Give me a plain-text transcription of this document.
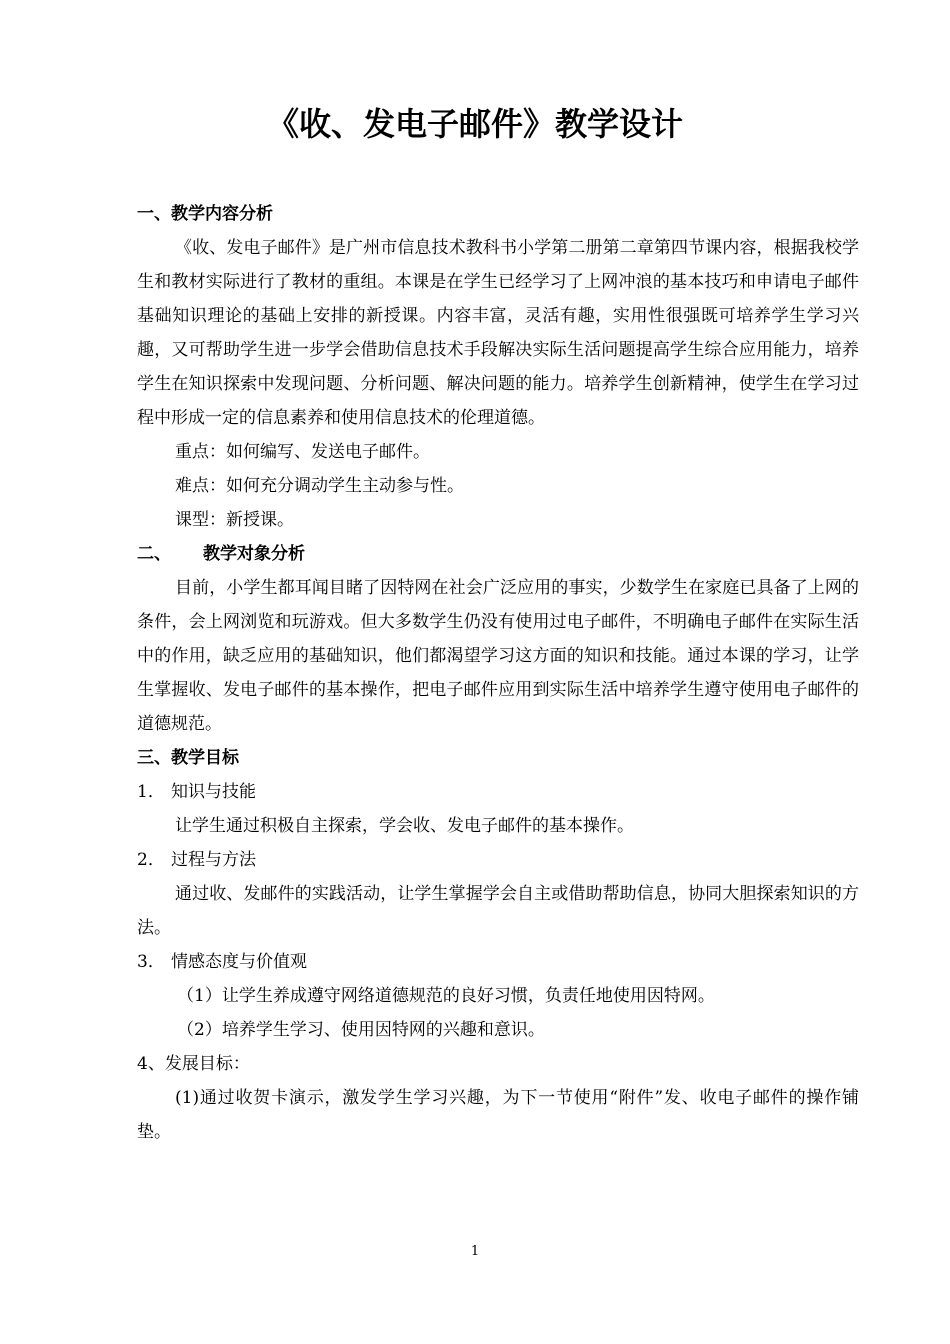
《收、发电子邮件》教学设计

一、教学内容分析

《收、发电子邮件》是广州市信息技术教科书小学第二册第二章第四节课内容，根据我校学生和教材实际进行了教材的重组。本课是在学生已经学习了上网冲浪的基本技巧和申请电子邮件基础知识理论的基础上安排的新授课。内容丰富，灵活有趣，实用性很强既可培养学生学习兴趣，又可帮助学生进一步学会借助信息技术手段解决实际生活问题提高学生综合应用能力，培养学生在知识探索中发现问题、分析问题、解决问题的能力。培养学生创新精神，使学生在学习过程中形成一定的信息素养和使用信息技术的伦理道德。

重点：如何编写、发送电子邮件。

难点：如何充分调动学生主动参与性。

课型：新授课。

二、 教学对象分析

目前，小学生都耳闻目睹了因特网在社会广泛应用的事实，少数学生在家庭已具备了上网的条件，会上网浏览和玩游戏。但大多数学生仍没有使用过电子邮件，不明确电子邮件在实际生活中的作用，缺乏应用的基础知识，他们都渴望学习这方面的知识和技能。通过本课的学习，让学生掌握收、发电子邮件的基本操作，把电子邮件应用到实际生活中培养学生遵守使用电子邮件的道德规范。

三、教学目标

1． 知识与技能

让学生通过积极自主探索，学会收、发电子邮件的基本操作。

2． 过程与方法

通过收、发邮件的实践活动，让学生掌握学会自主或借助帮助信息，协同大胆探索知识的方法。

3． 情感态度与价值观

（1）让学生养成遵守网络道德规范的良好习惯，负责任地使用因特网。

（2）培养学生学习、使用因特网的兴趣和意识。

4、发展目标：

(1)通过收贺卡演示，激发学生学习兴趣，为下一节使用“附件”发、收电子邮件的操作铺垫。

1
